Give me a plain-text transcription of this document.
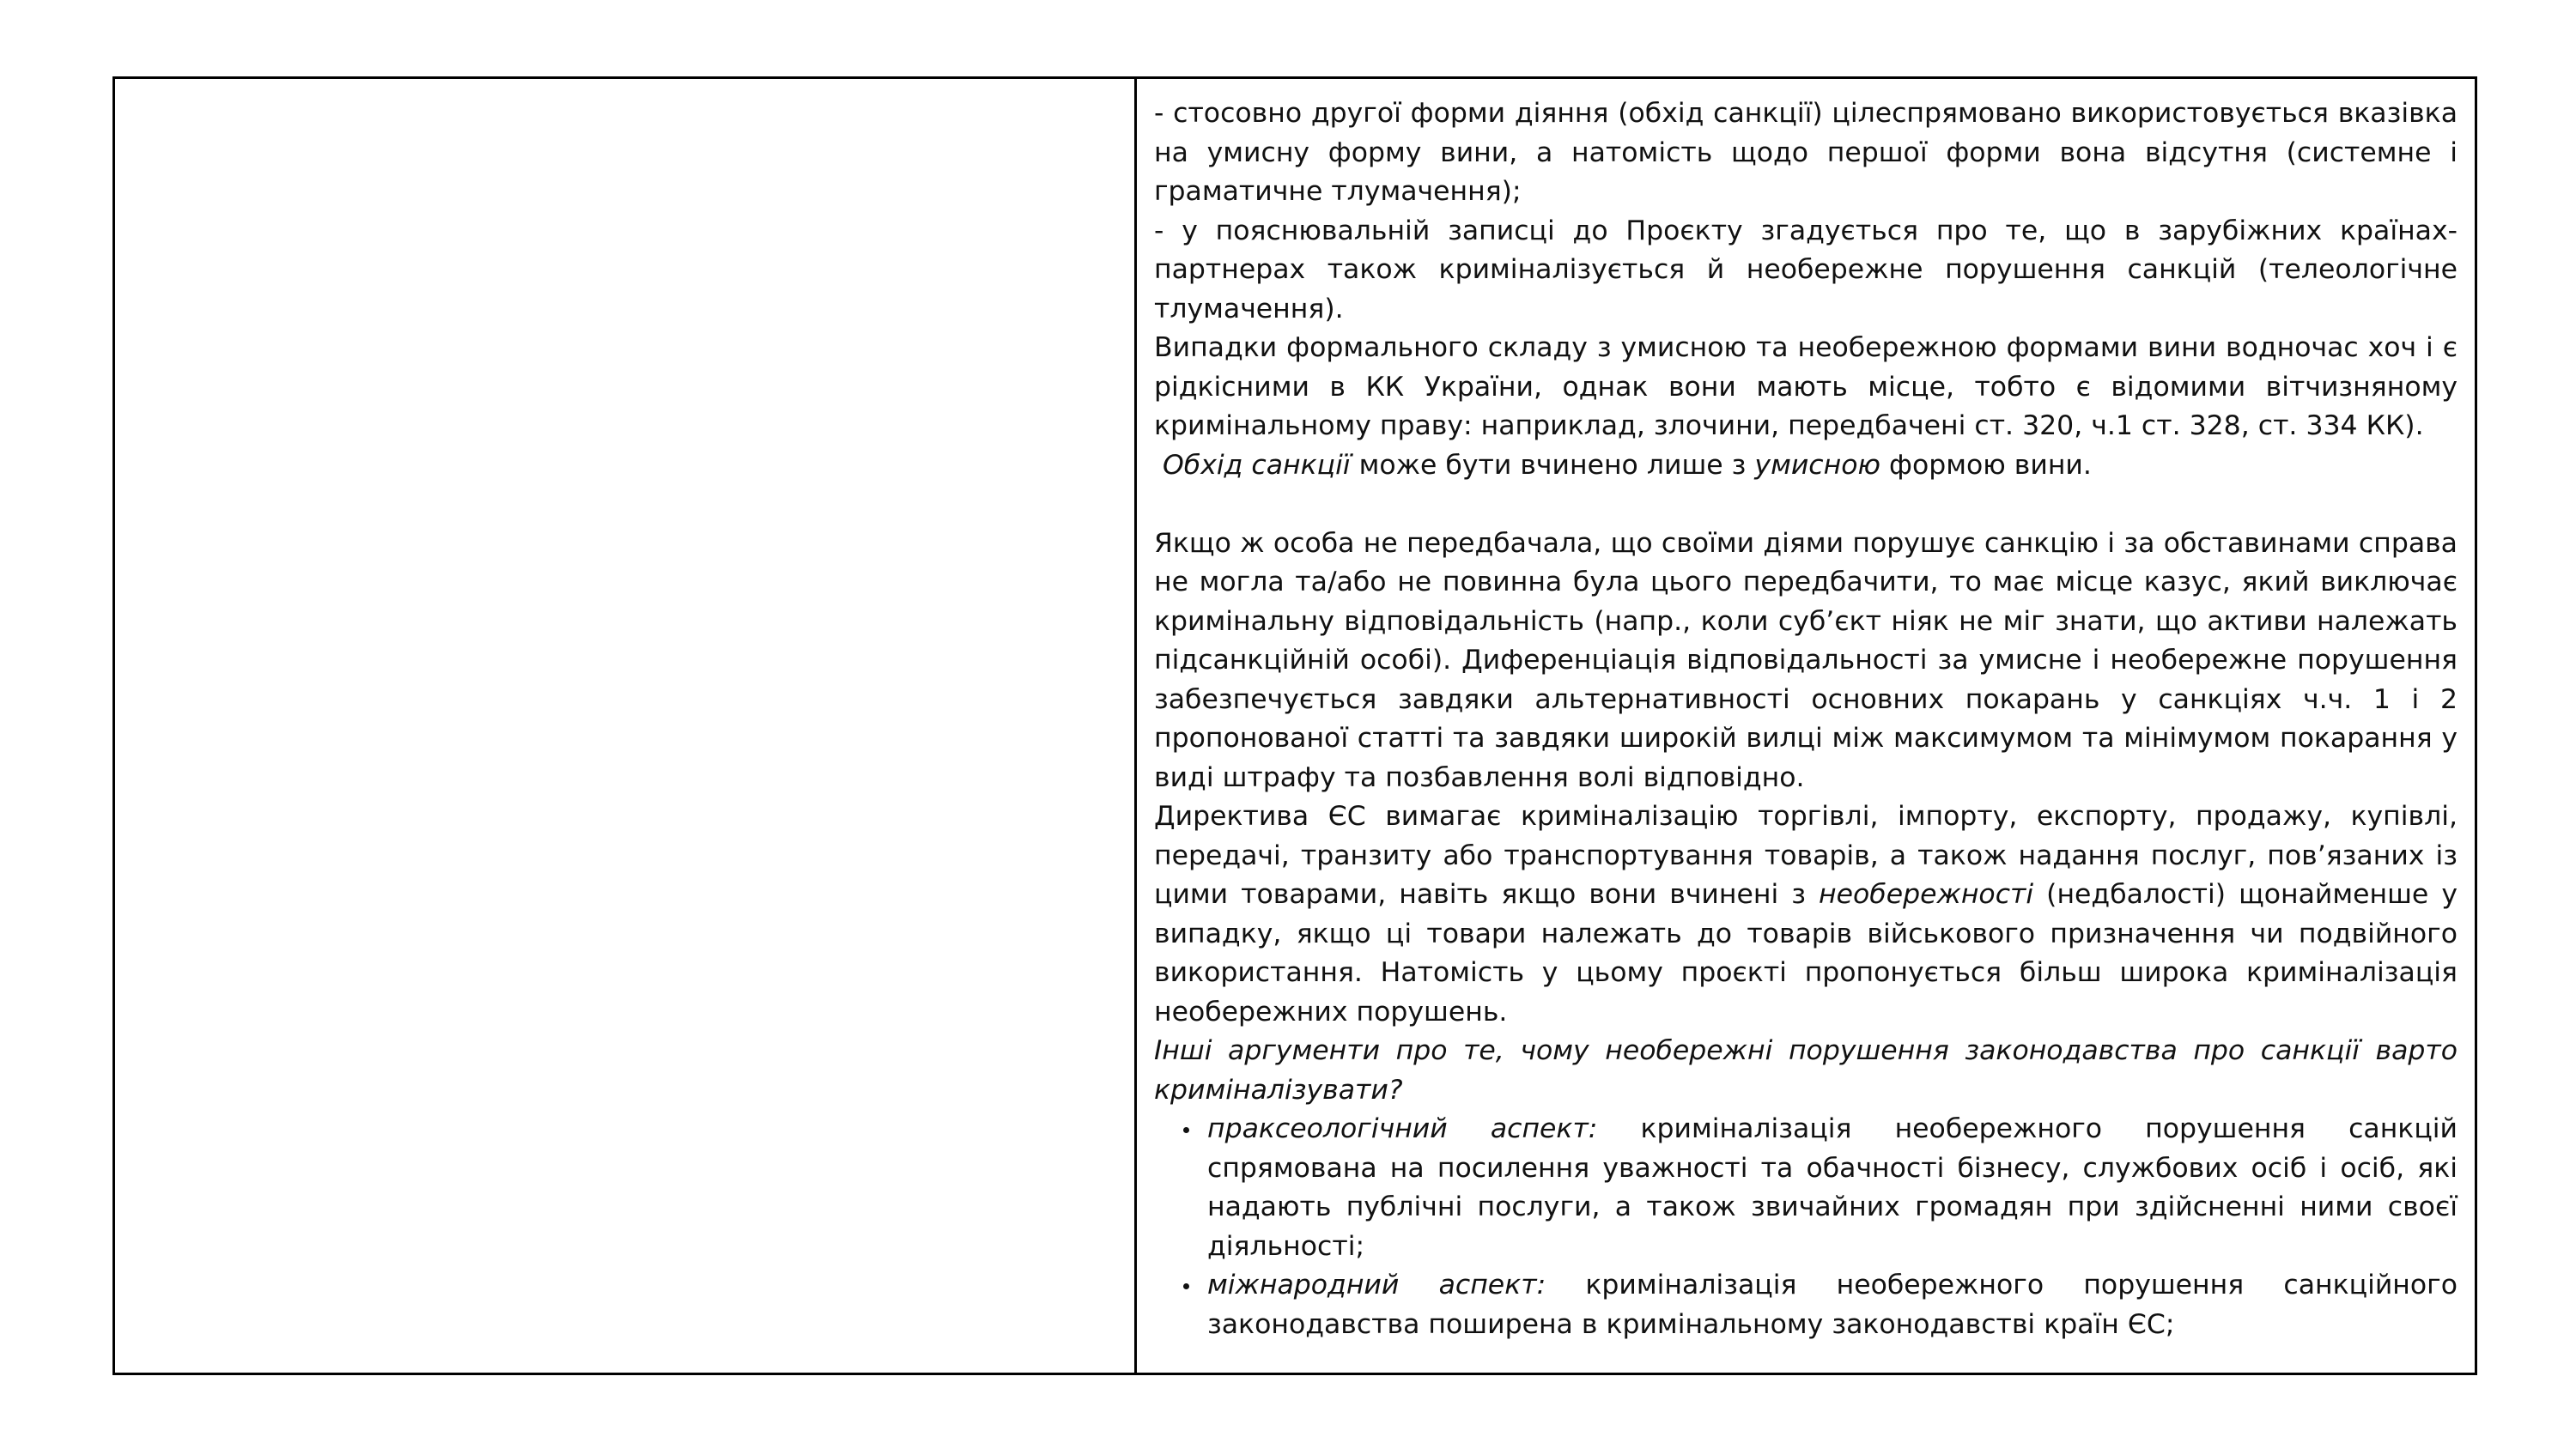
- стосовно другої форми діяння (обхід санкції) цілеспрямовано використовується вказівка на умисну форму вини, а натомість щодо першої форми вона відсутня (системне і граматичне тлумачення);

- у пояснювальній записці до Проєкту згадується про те, що в зарубіжних країнах-партнерах також криміналізується й необережне порушення санкцій (телеологічне тлумачення).

Випадки формального складу з умисною та необережною формами вини водночас хоч і є рідкісними в КК України, однак вони мають місце, тобто є відомими вітчизняному кримінальному праву: наприклад, злочини, передбачені ст. 320, ч.1 ст. 328, ст. 334 КК).

Обхід санкції може бути вчинено лише з умисною формою вини.

Якщо ж особа не передбачала, що своїми діями порушує санкцію і за обставинами справа не могла та/або не повинна була цього передбачити, то має місце казус, який виключає кримінальну відповідальність (напр., коли суб’єкт ніяк не міг знати, що активи належать підсанкційній особі). Диференціація відповідальності за умисне і необережне порушення забезпечується завдяки альтернативності основних покарань у санкціях ч.ч. 1 і 2 пропонованої статті та завдяки широкій вилці між максимумом та мінімумом покарання у виді штрафу та позбавлення волі відповідно.

Директива ЄС вимагає криміналізацію торгівлі, імпорту, експорту, продажу, купівлі, передачі, транзиту або транспортування товарів, а також надання послуг, пов’язаних із цими товарами, навіть якщо вони вчинені з необережності (недбалості) щонайменше у випадку, якщо ці товари належать до товарів військового призначення чи подвійного використання. Натомість у цьому проєкті пропонується більш широка криміналізація необережних порушень.

Інші аргументи про те, чому необережні порушення законодавства про санкції варто криміналізувати?

праксеологічний аспект: криміналізація необережного порушення санкцій спрямована на посилення уважності та обачності бізнесу, службових осіб і осіб, які надають публічні послуги, а також звичайних громадян при здійсненні ними своєї діяльності;
міжнародний аспект: криміналізація необережного порушення санкційного законодавства поширена в кримінальному законодавстві країн ЄС;
